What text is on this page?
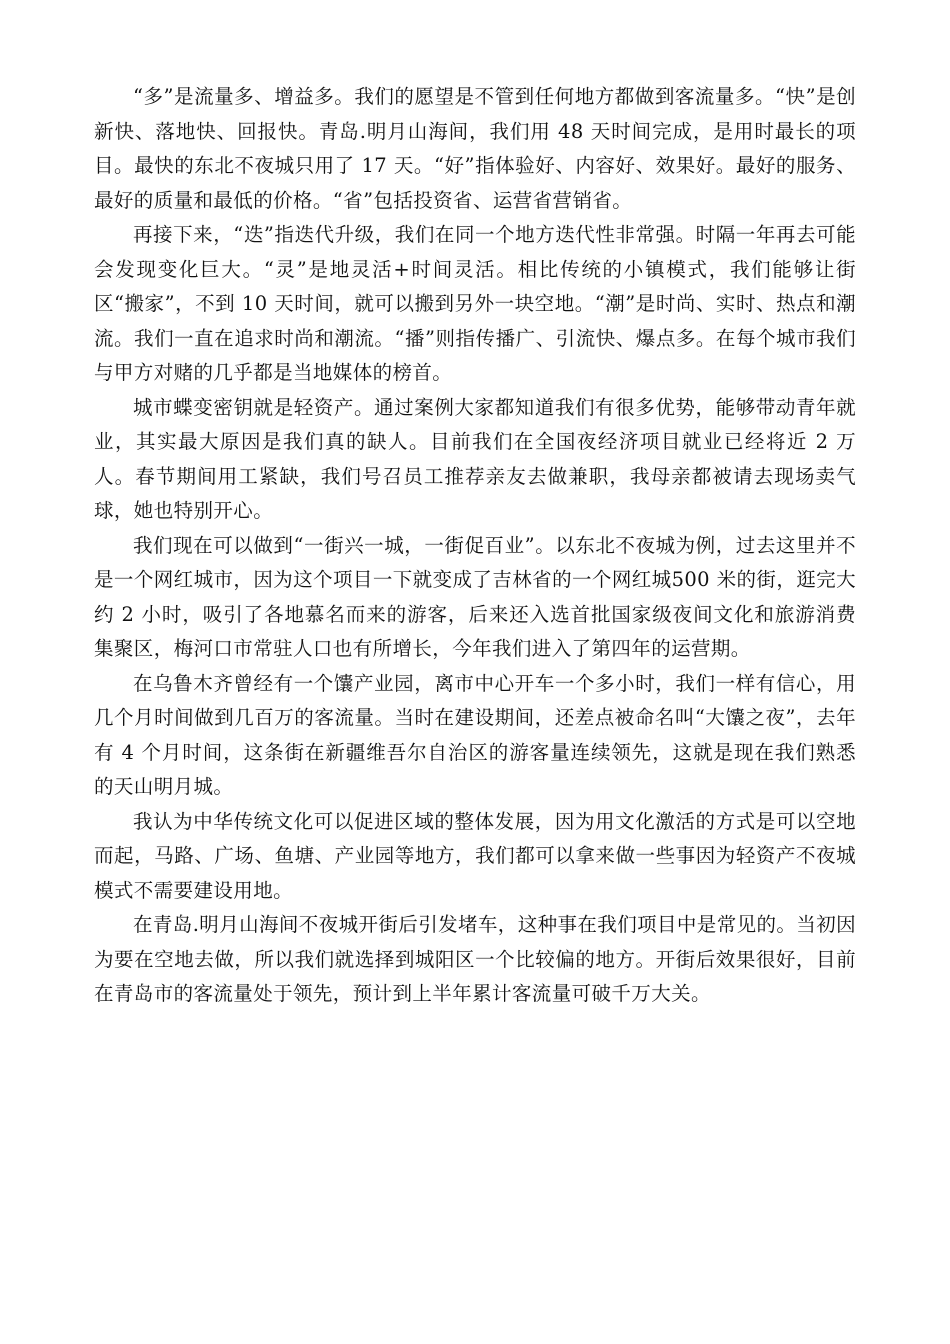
“多”是流量多、增益多。我们的愿望是不管到任何地方都做到客流量多。“快”是创新快、落地快、回报快。青岛.明月山海间，我们用 48 天时间完成，是用时最长的项目。最快的东北不夜城只用了 17 天。“好”指体验好、内容好、效果好。最好的服务、最好的质量和最低的价格。“省”包括投资省、运营省营销省。

再接下来，“迭”指迭代升级，我们在同一个地方迭代性非常强。时隔一年再去可能会发现变化巨大。“灵”是地灵活+时间灵活。相比传统的小镇模式，我们能够让街区“搬家”，不到 10 天时间，就可以搬到另外一块空地。“潮”是时尚、实时、热点和潮流。我们一直在追求时尚和潮流。“播”则指传播广、引流快、爆点多。在每个城市我们与甲方对赌的几乎都是当地媒体的榜首。

城市蝶变密钥就是轻资产。通过案例大家都知道我们有很多优势，能够带动青年就业，其实最大原因是我们真的缺人。目前我们在全国夜经济项目就业已经将近 2 万人。春节期间用工紧缺，我们号召员工推荐亲友去做兼职，我母亲都被请去现场卖气球，她也特别开心。

我们现在可以做到“一街兴一城，一街促百业”。以东北不夜城为例，过去这里并不是一个网红城市，因为这个项目一下就变成了吉林省的一个网红城500 米的街，逛完大约 2 小时，吸引了各地慕名而来的游客，后来还入选首批国家级夜间文化和旅游消费集聚区，梅河口市常驻人口也有所增长，今年我们进入了第四年的运营期。

在乌鲁木齐曾经有一个馕产业园，离市中心开车一个多小时，我们一样有信心，用几个月时间做到几百万的客流量。当时在建设期间，还差点被命名叫“大馕之夜”，去年有 4 个月时间，这条街在新疆维吾尔自治区的游客量连续领先，这就是现在我们熟悉的天山明月城。

我认为中华传统文化可以促进区域的整体发展，因为用文化激活的方式是可以空地而起，马路、广场、鱼塘、产业园等地方，我们都可以拿来做一些事因为轻资产不夜城模式不需要建设用地。

在青岛.明月山海间不夜城开街后引发堵车，这种事在我们项目中是常见的。当初因为要在空地去做，所以我们就选择到城阳区一个比较偏的地方。开街后效果很好，目前在青岛市的客流量处于领先，预计到上半年累计客流量可破千万大关。
